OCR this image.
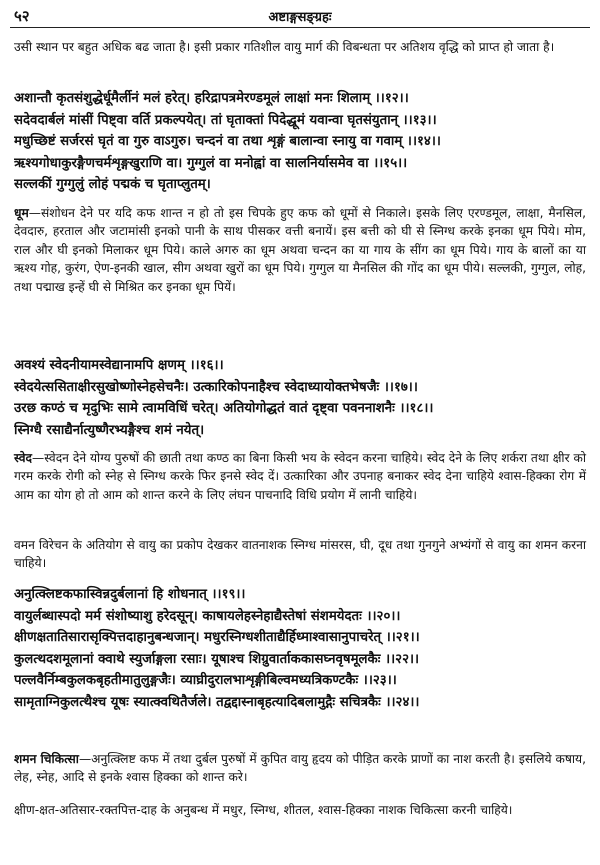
५२	अष्टाङ्गसङ्ग्रहः

उसी स्थान पर बहुत अधिक बढ जाता है। इसी प्रकार गतिशील वायु मार्ग की विबन्धता पर अतिशय वृद्धि को प्राप्त हो जाता है।

अशान्तौ कृतसंशुद्धेर्धूमैर्लीनं मलं हरेत्। हरिद्रापत्रमेरण्डमूलं लाक्षां मनः शिलाम् ।।१२।।
सदेवदार्बलं मांसीं पिष्ट्वा वर्ति प्रकल्पयेत्। तां घृताक्तां पिदेद्धूमं यवान्वा घृतसंयुतान् ।।१३।।
मधुच्छिष्टं सर्जरसं घृतं वा गुरु वाऽगुरु। चन्दनं वा तथा शृङ्गं बालान्वा स्नायु वा गवाम् ।।१४।।
ऋश्यगोधाकुरङ्गैणचर्मशृङ्गखुराणि वा। गुग्गुलं वा मनोह्वां वा सालनिर्यासमेव वा ।।१५।।
सल्लकीं गुग्गुलुं लोहं पद्मकं च घृताप्लुतम्।

धूम—संशोधन देने पर यदि कफ शान्त न हो तो इस चिपके हुए कफ को धूमों से निकाले। इसके लिए एरण्डमूल, लाक्षा, मैनसिल, देवदारु, हरताल और जटामांसी इनको पानी के साथ पीसकर वत्ती बनायें। इस बत्ती को घी से स्निग्ध करके इनका धूम पिये। मोम, राल और घी इनको मिलाकर धूम पिये। काले अगरु का धूम अथवा चन्दन का या गाय के सींग का धूम पिये। गाय के बालों का या ऋश्य गोह, कुरंग, ऐण-इनकी खाल, सीग अथवा खुरों का धूम पिये। गुग्गुल या मैनसिल की गोंद का धूम पीये। सल्लकी, गुग्गुल, लोह, तथा पद्माख इन्हें घी से मिश्रित कर इनका धूम पियें।

अवश्यं स्वेदनीयामस्वेद्यानामपि क्षणम् ।।१६।।
स्वेदयेत्ससिताक्षीरसुखोष्णोस्नेहसेचनैः। उत्कारिकोपनाहैश्च स्वेदाध्यायोक्तभेषजैः ।।१७।।
उरछ कण्ठं च मृदुभिः सामे त्वामविधिं चरेत्। अतियोगोद्धतं वातं दृष्ट्वा पवननाशनैः ।।१८।।
स्निग्धै रसाद्यैर्नात्युष्णैरभ्यङ्गैश्च शमं नयेत्।

स्वेद—स्वेदन देने योग्य पुरुषों की छाती तथा कण्ठ का बिना किसी भय के स्वेदन करना चाहिये। स्वेद देने के लिए शर्करा तथा क्षीर को गरम करके रोगी को स्नेह से स्निग्ध करके फिर इनसे स्वेद दें। उत्कारिका और उपनाह बनाकर स्वेद देना चाहिये श्वास-हिक्का रोग में आम का योग हो तो आम को शान्त करने के लिए लंघन पाचनादि विधि प्रयोग में लानी चाहिये।

वमन विरेचन के अतियोग से वायु का प्रकोप देखकर वातनाशक स्निग्ध मांसरस, घी, दूध तथा गुनगुने अभ्यंगों से वायु का शमन करना चाहिये।

अनुत्क्लिष्टकफास्विन्नदुर्बलानां हि शोधनात् ।।१९।।
वायुर्लब्धास्पदो मर्म संशोष्याशु हरेदसून्। काषायलेहस्नेहाद्यैस्तेषां संशमयेदतः ।।२०।।
क्षीणक्षतातिसारासृक्पित्तदाहानुबन्धजान्। मधुरस्निग्धशीताद्यैर्हिध्माश्वासानुपाचरेत् ।।२१।।
कुलत्थदशमूलानां क्वाथे स्युर्जाङ्गला रसाः। यूषाश्च शिग्रुवार्ताककासघ्नवृषमूलकैः ।।२२।।
पल्लवैर्निम्बकुलकबृहतीमातुलुङ्गजैः। व्याघ्रीदुरालभाशृङ्गीबिल्वमध्यत्रिकण्टकैः ।।२३।।
सामृताग्निकुलत्थैश्च यूषः स्यात्क्वथितैर्जले। तद्वद्दास्नाबृहत्यादिबलामुद्गैः सचित्रकैः ।।२४।।

शमन चिकित्सा—अनुत्क्लिष्ट कफ में तथा दुर्बल पुरुषों में कुपित वायु हृदय को पीड़ित करके प्राणों का नाश करती है। इसलिये कषाय, लेह, स्नेह, आदि से इनके श्वास हिक्का को शान्त करे।

क्षीण-क्षत-अतिसार-रक्तपित्त-दाह के अनुबन्ध में मधुर, स्निग्ध, शीतल, श्वास-हिक्का नाशक चिकित्सा करनी चाहिये।
